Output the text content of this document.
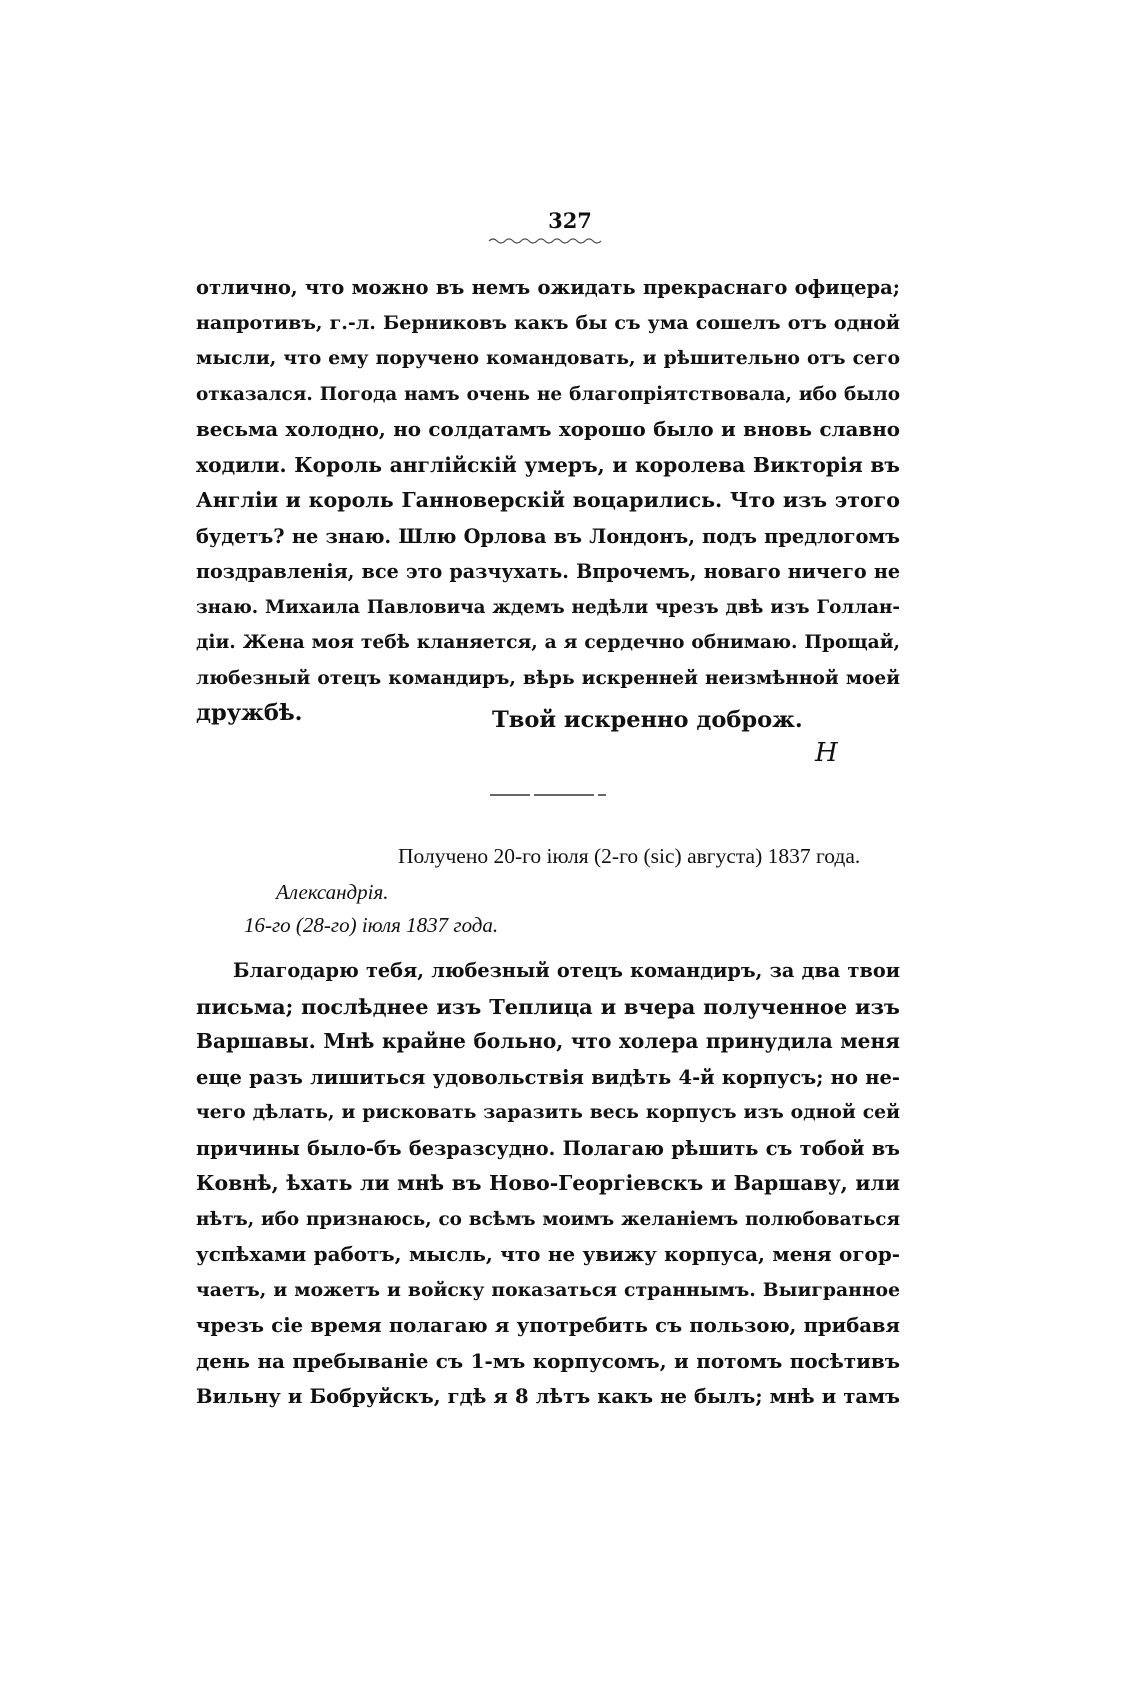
327

отлично, что можно въ немъ ожидать прекраснаго офицера;
напротивъ, г.-л. Берниковъ какъ бы съ ума сошелъ отъ одной
мысли, что ему поручено командовать, и рѣшительно отъ сего
отказался. Погода намъ очень не благопріятствовала, ибо было
весьма холодно, но солдатамъ хорошо было и вновь славно
ходили. Король англійскій умеръ, и королева Викторія въ
Англіи и король Ганноверскій воцарились. Что изъ этого
будетъ? не знаю. Шлю Орлова въ Лондонъ, подъ предлогомъ
поздравленія, все это разчухать. Впрочемъ, новаго ничего не
знаю. Михаила Павловича ждемъ недѣли чрезъ двѣ изъ Голлан-
діи. Жена моя тебѣ кланяется, а я сердечно обнимаю. Прощай,
любезный отецъ командиръ, вѣрь искренней неизмѣнной моей
дружбѣ.	Твой искренно доброж.
Н
Получено 20-го іюля (2-го (sic) августа) 1837 года.
Александрія.
16-го (28-го) іюля 1837 года.

Благодарю тебя, любезный отецъ командиръ, за два твои
письма; послѣднее изъ Теплица и вчера полученное изъ
Варшавы. Мнѣ крайне больно, что холера принудила меня
еще разъ лишиться удовольствія видѣть 4-й корпусъ; но не-
чего дѣлать, и рисковать заразить весь корпусъ изъ одной сей
причины было-бъ безразсудно. Полагаю рѣшить съ тобой въ
Ковнѣ, ѣхать ли мнѣ въ Ново-Георгіевскъ и Варшаву, или
нѣтъ, ибо признаюсь, со всѣмъ моимъ желаніемъ полюбоваться
успѣхами работъ, мысль, что не увижу корпуса, меня огор-
чаетъ, и можетъ и войску показаться страннымъ. Выигранное
чрезъ сіе время полагаю я употребить съ пользою, прибавя
день на пребываніе съ 1-мъ корпусомъ, и потомъ посѣтивъ
Вильну и Бобруйскъ, гдѣ я 8 лѣтъ какъ не былъ; мнѣ и тамъ
